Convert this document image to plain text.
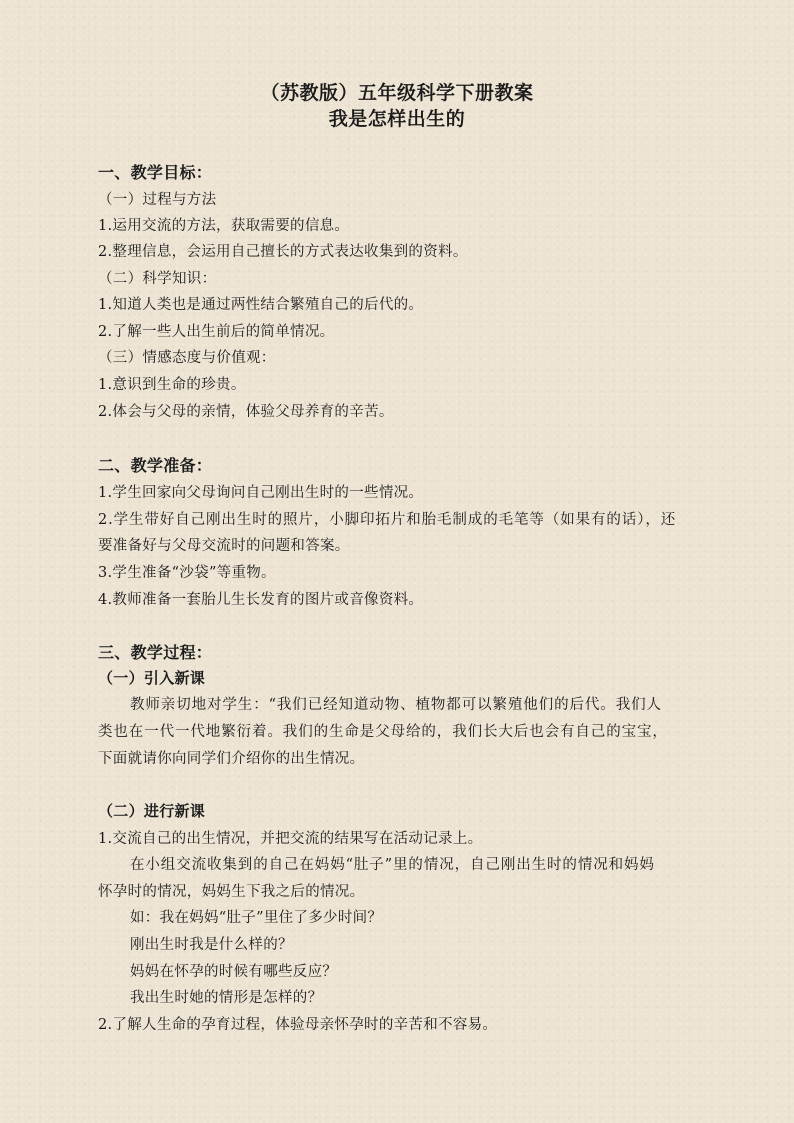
（苏教版）五年级科学下册教案
我是怎样出生的
一、教学目标：
（一）过程与方法
1.运用交流的方法，获取需要的信息。
2.整理信息，会运用自己擅长的方式表达收集到的资料。
（二）科学知识：
1.知道人类也是通过两性结合繁殖自己的后代的。
2.了解一些人出生前后的简单情况。
（三）情感态度与价值观：
1.意识到生命的珍贵。
2.体会与父母的亲情，体验父母养育的辛苦。
二、教学准备：
1.学生回家向父母询问自己刚出生时的一些情况。
2.学生带好自己刚出生时的照片，小脚印拓片和胎毛制成的毛笔等（如果有的话），还
要准备好与父母交流时的问题和答案。
3.学生准备“沙袋”等重物。
4.教师准备一套胎儿生长发育的图片或音像资料。
三、教学过程：
（一）引入新课
教师亲切地对学生：“我们已经知道动物、植物都可以繁殖他们的后代。我们人
类也在一代一代地繁衍着。我们的生命是父母给的，我们长大后也会有自己的宝宝，
下面就请你向同学们介绍你的出生情况。
（二）进行新课
1.交流自己的出生情况，并把交流的结果写在活动记录上。
在小组交流收集到的自己在妈妈“肚子”里的情况，自己刚出生时的情况和妈妈
怀孕时的情况，妈妈生下我之后的情况。
如：我在妈妈“肚子”里住了多少时间？
刚出生时我是什么样的？
妈妈在怀孕的时候有哪些反应？
我出生时她的情形是怎样的？
2.了解人生命的孕育过程，体验母亲怀孕时的辛苦和不容易。
